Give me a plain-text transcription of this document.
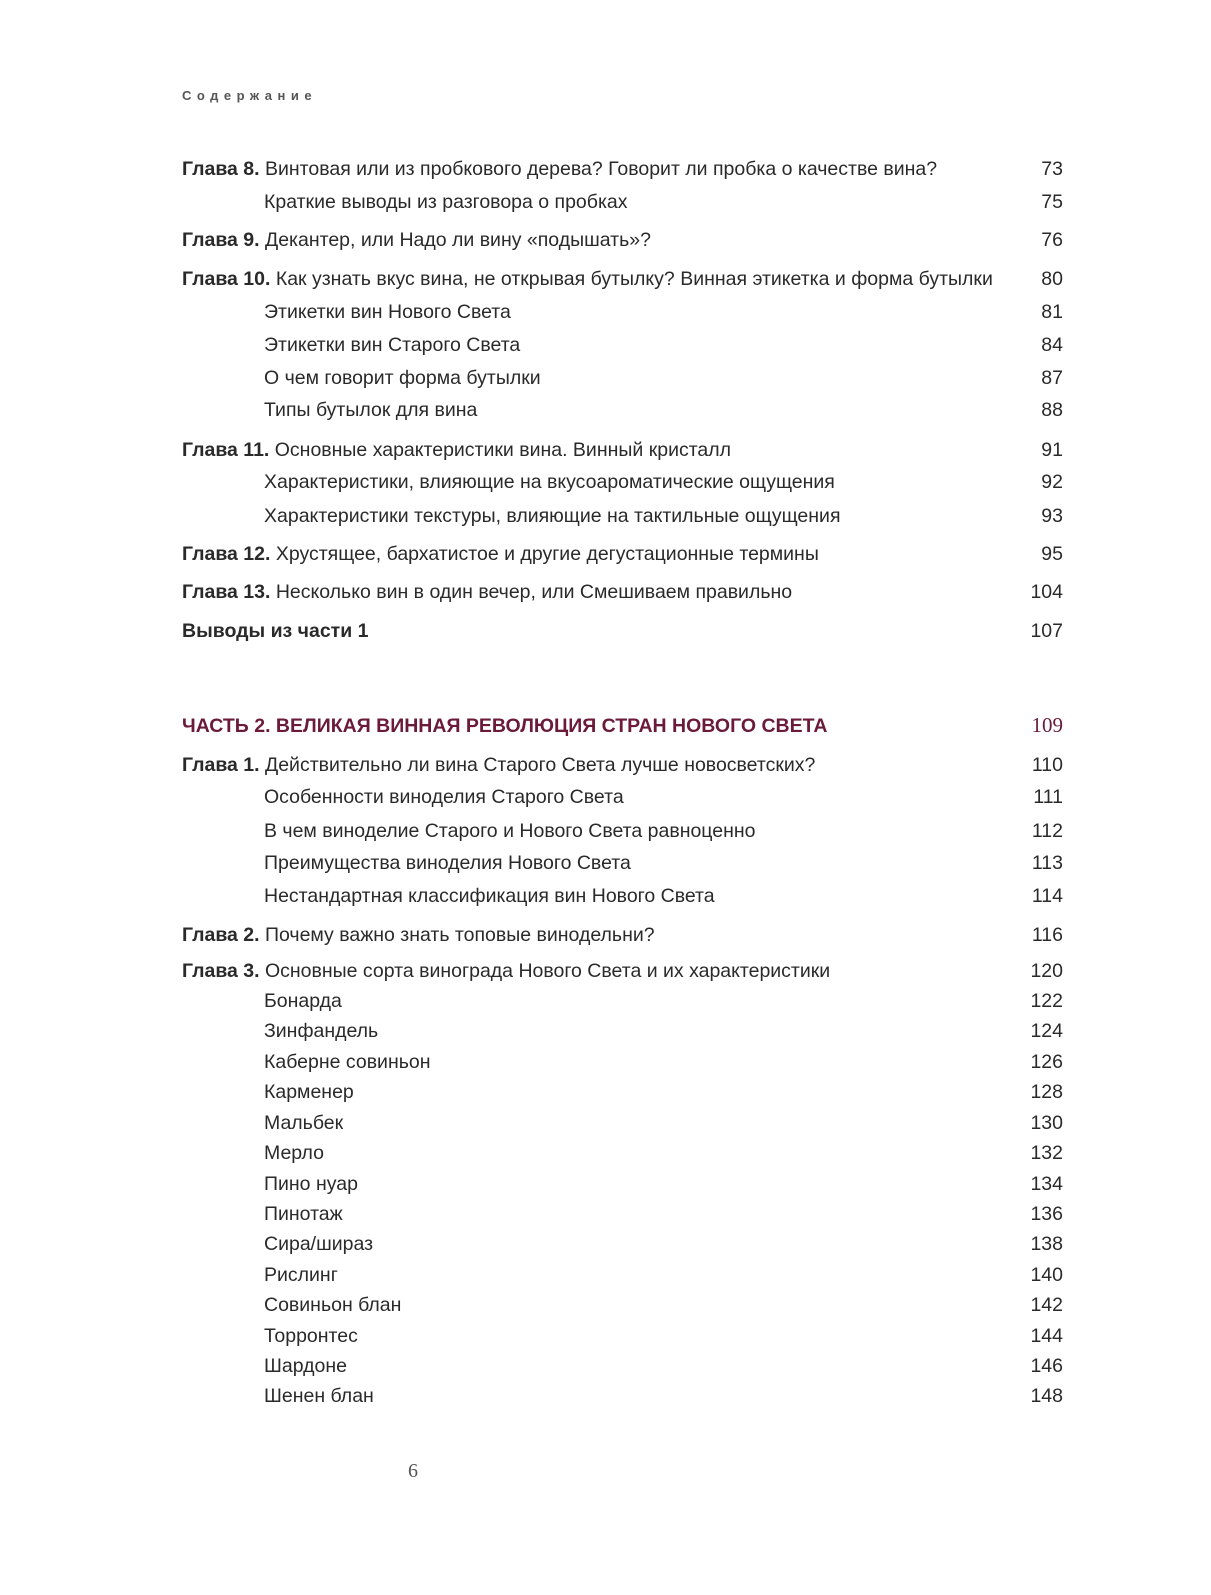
Содержание
Глава 8. Винтовая или из пробкового дерева? Говорит ли пробка о качестве вина?	73
Краткие выводы из разговора о пробках	75
Глава 9. Декантер, или Надо ли вину «подышать»?	76
Глава 10. Как узнать вкус вина, не открывая бутылку? Винная этикетка и форма бутылки	80
Этикетки вин Нового Света	81
Этикетки вин Старого Света	84
О чем говорит форма бутылки	87
Типы бутылок для вина	88
Глава 11. Основные характеристики вина. Винный кристалл	91
Характеристики, влияющие на вкусоароматические ощущения	92
Характеристики текстуры, влияющие на тактильные ощущения	93
Глава 12. Хрустящее, бархатистое и другие дегустационные термины	95
Глава 13. Несколько вин в один вечер, или Смешиваем правильно	104
Выводы из части 1	107
ЧАСТЬ 2. ВЕЛИКАЯ ВИННАЯ РЕВОЛЮЦИЯ СТРАН НОВОГО СВЕТА	109
Глава 1. Действительно ли вина Старого Света лучше новосветских?	110
Особенности виноделия Старого Света	111
В чем виноделие Старого и Нового Света равноценно	112
Преимущества виноделия Нового Света	113
Нестандартная классификация вин Нового Света	114
Глава 2. Почему важно знать топовые винодельни?	116
Глава 3. Основные сорта винограда Нового Света и их характеристики	120
Бонарда	122
Зинфандель	124
Каберне совиньон	126
Карменер	128
Мальбек	130
Мерло	132
Пино нуар	134
Пинотаж	136
Сира/шираз	138
Рислинг	140
Совиньон блан	142
Торронтес	144
Шардоне	146
Шенен блан	148
6
